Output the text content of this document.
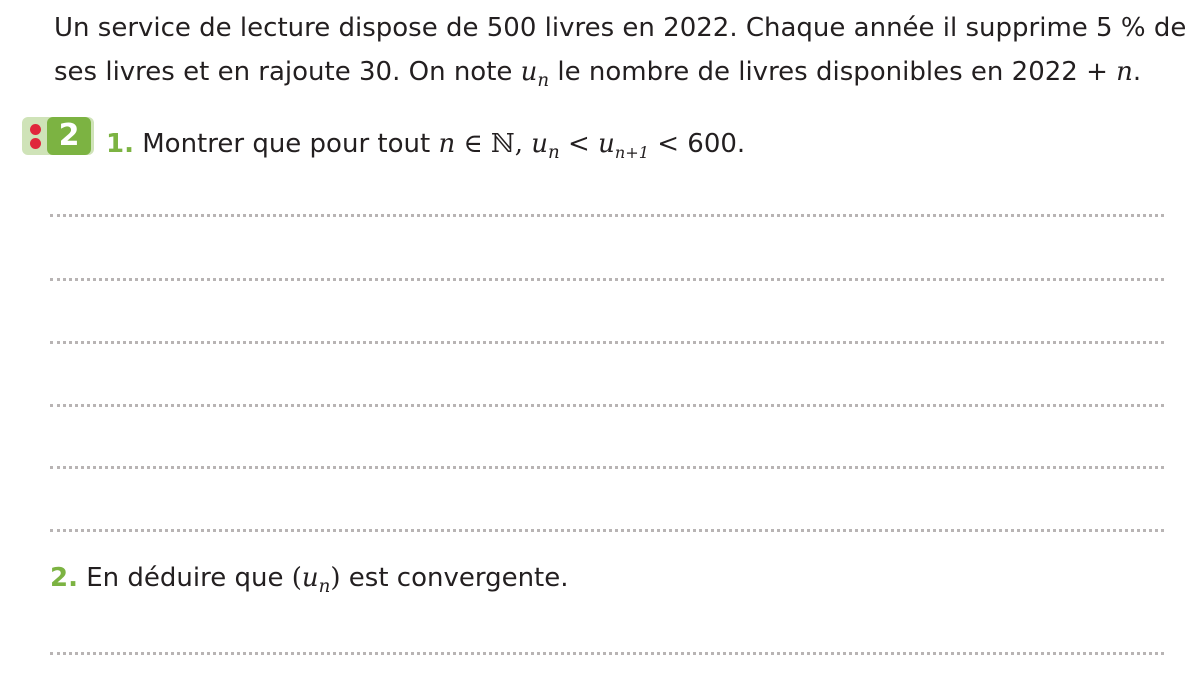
Un service de lecture dispose de 500 livres en 2022. Chaque année il supprime 5 % de
ses livres et en rajoute 30. On note $u_n$ le nombre de livres disponibles en 2022 + n.
2	1. Montrer que pour tout n ∈ ℕ, $u_n < u_{n+1} < 600$.
2. En déduire que $(u_n)$ est convergente.
